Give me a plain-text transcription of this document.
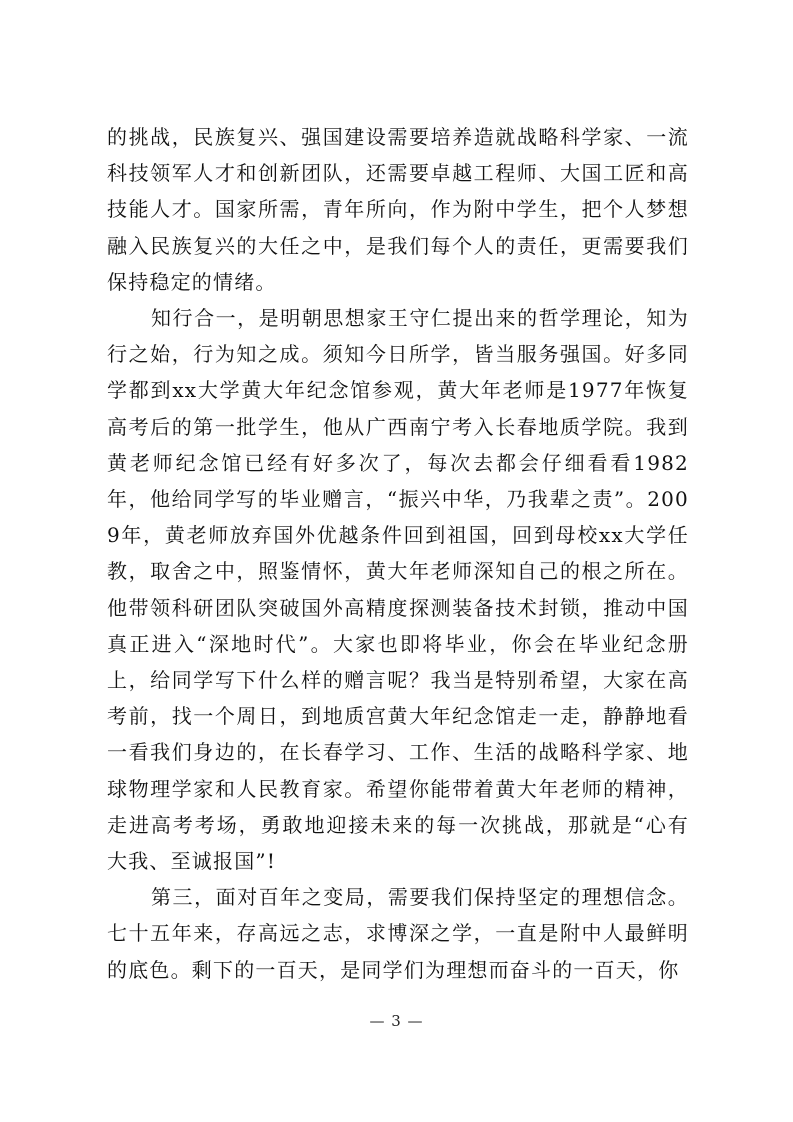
的挑战，民族复兴、强国建设需要培养造就战略科学家、一流科技领军人才和创新团队，还需要卓越工程师、大国工匠和高技能人才。国家所需，青年所向，作为附中学生，把个人梦想融入民族复兴的大任之中，是我们每个人的责任，更需要我们保持稳定的情绪。

知行合一，是明朝思想家王守仁提出来的哲学理论，知为行之始，行为知之成。须知今日所学，皆当服务强国。好多同学都到xx大学黄大年纪念馆参观，黄大年老师是1977年恢复高考后的第一批学生，他从广西南宁考入长春地质学院。我到黄老师纪念馆已经有好多次了，每次去都会仔细看看1982年，他给同学写的毕业赠言，“振兴中华，乃我辈之责”。2009年，黄老师放弃国外优越条件回到祖国，回到母校xx大学任教，取舍之中，照鉴情怀，黄大年老师深知自己的根之所在。他带领科研团队突破国外高精度探测装备技术封锁，推动中国真正进入“深地时代”。大家也即将毕业，你会在毕业纪念册上，给同学写下什么样的赠言呢？我当是特别希望，大家在高考前，找一个周日，到地质宫黄大年纪念馆走一走，静静地看一看我们身边的，在长春学习、工作、生活的战略科学家、地球物理学家和人民教育家。希望你能带着黄大年老师的精神，走进高考考场，勇敢地迎接未来的每一次挑战，那就是“心有大我、至诚报国”!

第三，面对百年之变局，需要我们保持坚定的理想信念。七十五年来，存高远之志，求博深之学，一直是附中人最鲜明的底色。剩下的一百天，是同学们为理想而奋斗的一百天，你

— 3 —
